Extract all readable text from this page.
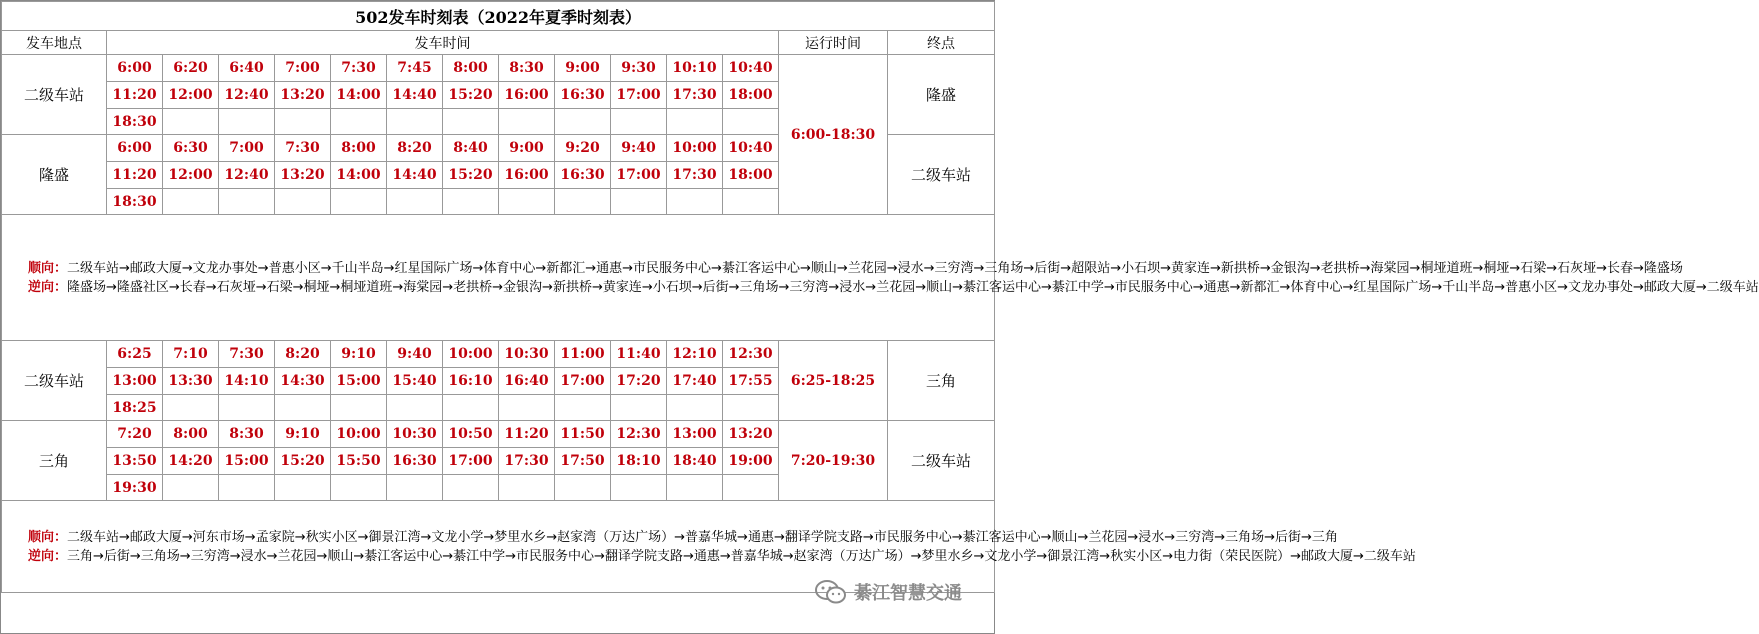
502发车时刻表（2022年夏季时刻表）														
发车地点	发车时间												运行时间	终点
二级车站	6:00	6:20	6:40	7:00	7:30	7:45	8:00	8:30	9:00	9:30	10:10	10:40	6:00-18:30	隆盛
	11:20	12:00	12:40	13:20	14:00	14:40	15:20	16:00	16:30	17:00	17:30	18:00		
	18:30													
隆盛	6:00	6:30	7:00	7:30	8:00	8:20	8:40	9:00	9:20	9:40	10:00	10:40		二级车站
	11:20	12:00	12:40	13:20	14:00	14:40	15:20	16:00	16:30	17:00	17:30	18:00		
	18:30													

顺向：二级车站→邮政大厦→文龙办事处→普惠小区→千山半岛→红星国际广场→体育中心→新都汇→通惠→市民服务中心→綦江客运中心→顺山→兰花园→浸水→三穷湾→三角场→后街→超限站→小石坝→黄家连→新拱桥→金银沟→老拱桥→海棠园→桐垭道班→桐垭→石梁→石灰垭→长春→隆盛场
逆向：隆盛场→隆盛社区→长春→石灰垭→石梁→桐垭→桐垭道班→海棠园→老拱桥→金银沟→新拱桥→黄家连→小石坝→后街→三角场→三穷湾→浸水→兰花园→顺山→綦江客运中心→綦江中学→市民服务中心→通惠→新都汇→体育中心→红星国际广场→千山半岛→普惠小区→文龙办事处→邮政大厦→二级车站														

二级车站	6:25	7:10	7:30	8:20	9:10	9:40	10:00	10:30	11:00	11:40	12:10	12:30	6:25-18:25	三角
	13:00	13:30	14:10	14:30	15:00	15:40	16:10	16:40	17:00	17:20	17:40	17:55		
	18:25													
三角	7:20	8:00	8:30	9:10	10:00	10:30	10:50	11:20	11:50	12:30	13:00	13:20	7:20-19:30	二级车站
	13:50	14:20	15:00	15:20	15:50	16:30	17:00	17:30	17:50	18:10	18:40	19:00		
	19:30													

顺向：二级车站→邮政大厦→河东市场→孟家院→秋实小区→御景江湾→文龙小学→梦里水乡→赵家湾（万达广场）→普嘉华城→通惠→翻译学院支路→市民服务中心→綦江客运中心→顺山→兰花园→浸水→三穷湾→三角场→后街→三角
逆向：三角→后街→三角场→三穷湾→浸水→兰花园→顺山→綦江客运中心→綦江中学→市民服务中心→翻译学院支路→通惠→普嘉华城→赵家湾（万达广场）→梦里水乡→文龙小学→御景江湾→秋实小区→电力街（荣民医院）→邮政大厦→二级车站														
綦江智慧交通
